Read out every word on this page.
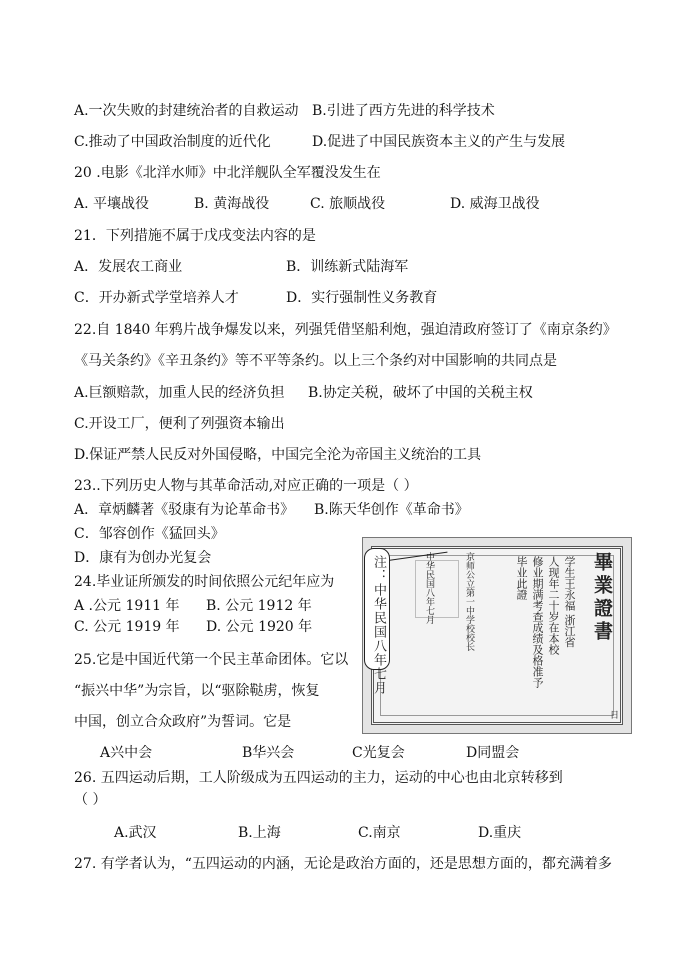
A.一次失败的封建统治者的自救运动 B.引进了西方先进的科学技术
C.推动了中国政治制度的近代化	D.促进了中国民族资本主义的产生与发展
20 .电影《北洋水师》中北洋舰队全军覆没发生在
A. 平壤战役	B. 黄海战役	C. 旅顺战役	D. 威海卫战役
21．下列措施不属于戊戌变法内容的是
A．发展农工商业	B．训练新式陆海军
C．开办新式学堂培养人才	D．实行强制性义务教育
22.自 1840 年鸦片战争爆发以来，列强凭借坚船利炮，强迫清政府签订了《南京条约》
《马关条约》《辛丑条约》等不平等条约。以上三个条约对中国影响的共同点是
A.巨额赔款，加重人民的经济负担 B.协定关税，破坏了中国的关税主权
C.开设工厂，便利了列强资本输出
D.保证严禁人民反对外国侵略，中国完全沦为帝国主义统治的工具
23..下列历史人物与其革命活动,对应正确的一项是（ ）
A．章炳麟著《驳康有为论革命书》 B.陈天华创作《革命书》
C．邹容创作《猛回头》
D．康有为创办光复会
24.毕业证所颁发的时间依照公元纪年应为
A .公元 1911 年 B. 公元 1912 年
C. 公元 1919 年 D. 公元 1920 年
25.它是中国近代第一个民主革命团体。它以
“振兴中华”为宗旨，以“驱除鞑虏，恢复
中国，创立合众政府”为誓词。它是
A兴中会	B华兴会	C光复会	D同盟会
26. 五四运动后期，工人阶级成为五四运动的主力，运动的中心也由北京转移到
（ ）
A.武汉	B.上海	C.南京	D.重庆
27. 有学者认为，“五四运动的内涵，无论是政治方面的，还是思想方面的，都充满着多
畢業證書
学生王永福 浙江省
人现年二十岁在本校
修业期满考查成绩及格准予
毕业此證
京师公立第一中学校校长
中华民国八年七月
日
注：中华民国八年七月
